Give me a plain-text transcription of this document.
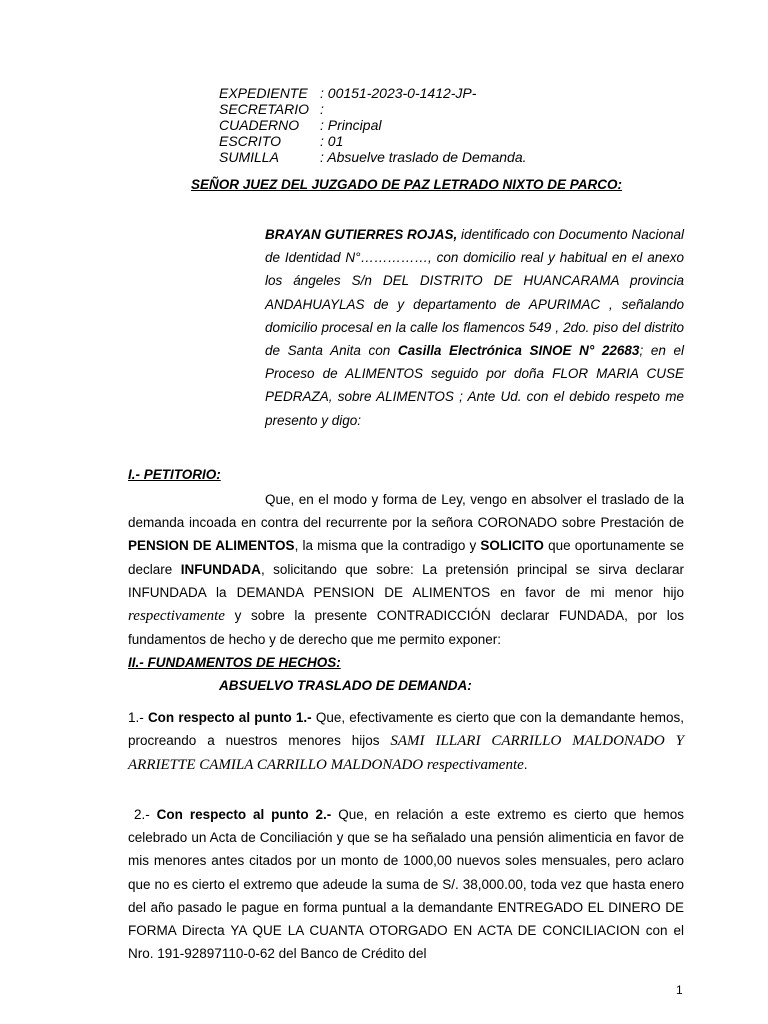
EXPEDIENTE : 00151-2023-0-1412-JP-
SECRETARIO :
CUADERNO	: Principal
ESCRITO	: 01
SUMILLA	: Absuelve traslado de Demanda.
SEÑOR JUEZ DEL JUZGADO DE PAZ LETRADO NIXTO DE PARCO:
BRAYAN GUTIERRES ROJAS, identificado con Documento Nacional de Identidad N°……………, con domicilio real y habitual en el anexo los ángeles S/n DEL DISTRITO DE HUANCARAMA provincia ANDAHUAYLAS de y departamento de APURIMAC , señalando domicilio procesal en la calle los flamencos 549 , 2do. piso del distrito de Santa Anita con Casilla Electrónica SINOE N° 22683; en el Proceso de ALIMENTOS seguido por doña FLOR MARIA CUSE PEDRAZA, sobre ALIMENTOS ; Ante Ud. con el debido respeto me presento y digo:
I.- PETITORIO:
Que, en el modo y forma de Ley, vengo en absolver el traslado de la demanda incoada en contra del recurrente por la señora CORONADO sobre Prestación de PENSION DE ALIMENTOS, la misma que la contradigo y SOLICITO que oportunamente se declare INFUNDADA, solicitando que sobre: La pretensión principal se sirva declarar INFUNDADA la DEMANDA PENSION DE ALIMENTOS en favor de mi menor hijo respectivamente y sobre la presente CONTRADICCIÓN declarar FUNDADA, por los fundamentos de hecho y de derecho que me permito exponer:
II.- FUNDAMENTOS DE HECHOS:
ABSUELVO TRASLADO DE DEMANDA:
1.- Con respecto al punto 1.- Que, efectivamente es cierto que con la demandante hemos, procreando a nuestros menores hijos SAMI ILLARI CARRILLO MALDONADO Y ARRIETTE CAMILA CARRILLO MALDONADO respectivamente.
2.- Con respecto al punto 2.- Que, en relación a este extremo es cierto que hemos celebrado un Acta de Conciliación y que se ha señalado una pensión alimenticia en favor de mis menores antes citados por un monto de 1000,00 nuevos soles mensuales, pero aclaro que no es cierto el extremo que adeude la suma de S/. 38,000.00, toda vez que hasta enero del año pasado le pague en forma puntual a la demandante ENTREGADO EL DINERO DE FORMA Directa YA QUE LA CUANTA OTORGADO EN ACTA DE CONCILIACION con el Nro. 191-92897110-0-62 del Banco de Crédito del
1
